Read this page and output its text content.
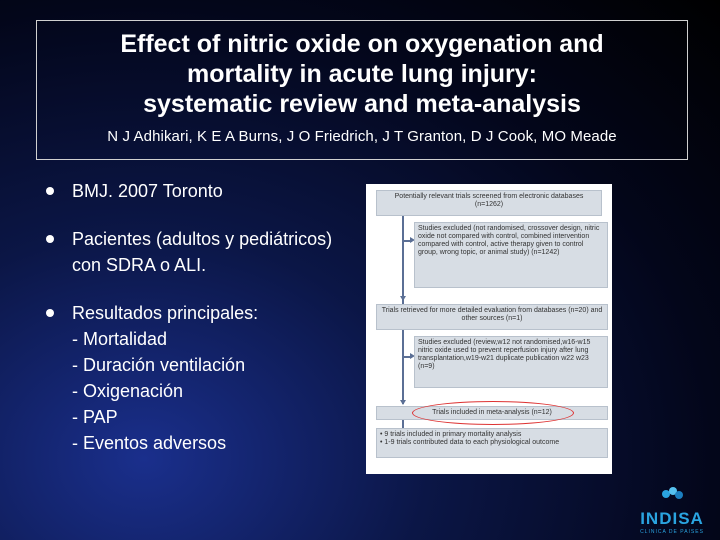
Effect of nitric oxide on oxygenation and
mortality in acute lung injury:
systematic review and meta-analysis
N J Adhikari, K E A Burns, J O Friedrich, J T Granton, D J Cook, MO Meade
BMJ. 2007 Toronto
Pacientes (adultos y pediátricos) con SDRA o ALI.
Resultados principales:
- Mortalidad
- Duración ventilación
- Oxigenación
- PAP
- Eventos adversos
Potentially relevant trials screened from electronic databases (n=1262)
Studies excluded (not randomised, crossover design, nitric oxide not compared with control, combined intervention compared with control, active therapy given to control group, wrong topic, or animal study) (n=1242)
Trials retrieved for more detailed evaluation from databases (n=20) and other sources (n=1)
Studies excluded (review,w12 not randomised,w16-w15 nitric oxide used to prevent reperfusion injury after lung transplantation,w19-w21 duplicate publication w22 w23 (n=9)
Trials included in meta-analysis (n=12)
• 9 trials included in primary mortality analysis
• 1-9 trials contributed data to each physiological outcome
INDISA
CLINICA DE PAISES
